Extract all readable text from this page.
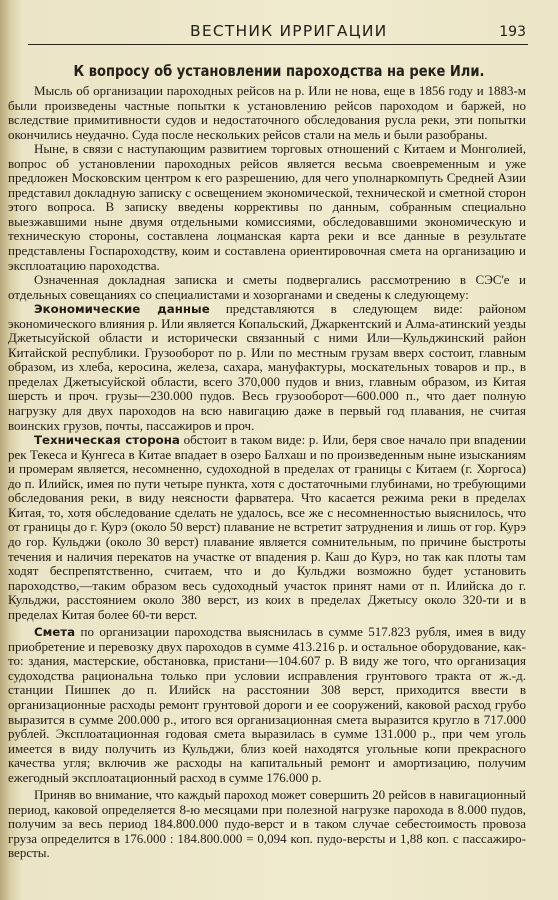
ВЕСТНИК ИРРИГАЦИИ	193
К вопросу об установлении пароходства на реке Или.

Мысль об организации пароходных рейсов на р. Или не нова, еще в 1856 году и 1883-м были произведены частные попытки к установлению рейсов пароходом и баржей, но вследствие примитивности судов и недостаточного обследования русла реки, эти попытки окончились неудачно. Суда после нескольких рейсов стали на мель и были разобраны.

Ныне, в связи с наступающим развитием торговых отношений с Китаем и Монголией, вопрос об установлении пароходных рейсов является весьма своевременным и уже предложен Московским центром к его разрешению, для чего уполнаркомпуть Средней Азии представил докладную записку с освещением экономической, технической и сметной сторон этого вопроса. В записку введены коррективы по данным, собранным специально выезжавшими ныне двумя отдельными комиссиями, обследовавшими экономическую и техническую стороны, составлена лоцманская карта реки и все данные в результате представлены Госпароходству, коим и составлена ориентировочная смета на организацию и эксплоатацию пароходства.

Означенная докладная записка и сметы подвергались рассмотрению в СЭС'е и отдельных совещаниях со специалистами и хозорганами и сведены к следующему:

Экономические данные представляются в следующем виде: районом экономического влияния р. Или является Копальский, Джаркентский и Алма-атинский уезды Джетысуйской области и исторически связанный с ними Или—Кульджинский район Китайской республики. Грузооборот по р. Или по местным грузам вверх состоит, главным образом, из хлеба, керосина, железа, сахара, мануфактуры, москательных товаров и пр., в пределах Джетысуйской области, всего 370,000 пудов и вниз, главным образом, из Китая шерсть и проч. грузы—230.000 пудов. Весь грузооборот—600.000 п., что дает полную нагрузку для двух пароходов на всю навигацию даже в первый год плавания, не считая воинских грузов, почты, пассажиров и проч.

Техническая сторона обстоит в таком виде: р. Или, беря свое начало при впадении рек Текеса и Кунгеса в Китае впадает в озеро Балхаш и по произведенным ныне изысканиям и промерам является, несомненно, судоходной в пределах от границы с Китаем (г. Хоргоса) до п. Илийск, имея по пути четыре пункта, хотя с достаточными глубинами, но требующими обследования реки, в виду неясности фарватера. Что касается режима реки в пределах Китая, то, хотя обследование сделать не удалось, все же с несомненностью выяснилось, что от границы до г. Курэ (около 50 верст) плавание не встретит затруднения и лишь от гор. Курэ до гор. Кульджи (около 30 верст) плавание является сомнительным, по причине быстроты течения и наличия перекатов на участке от впадения р. Каш до Курэ, но так как плоты там ходят беспрепятственно, считаем, что и до Кульджи возможно будет установить пароходство,—таким образом весь судоходный участок принят нами от п. Илийска до г. Кульджи, расстоянием около 380 верст, из коих в пределах Джетысу около 320-ти и в пределах Китая более 60-ти верст.

Смета по организации пароходства выяснилась в сумме 517.823 рубля, имея в виду приобретение и перевозку двух пароходов в сумме 413.216 р. и остальное оборудование, как-то: здания, мастерские, обстановка, пристани—104.607 р. В виду же того, что организация судоходства рациональна только при условии исправления грунтового тракта от ж.-д. станции Пишпек до п. Илийск на расстоянии 308 верст, приходится ввести в организационные расходы ремонт грунтовой дороги и ее сооружений, каковой расход грубо выразится в сумме 200.000 р., итого вся организационная смета выразится кругло в 717.000 рублей. Эксплоатационная годовая смета выразилась в сумме 131.000 р., при чем уголь имеется в виду получить из Кульджи, близ коей находятся угольные копи прекрасного качества угля; включив же расходы на капитальный ремонт и амортизацию, получим ежегодный эксплоатационный расход в сумме 176.000 р.

Приняв во внимание, что каждый пароход может совершить 20 рейсов в навигационный период, каковой определяется 8-ю месяцами при полезной нагрузке парохода в 8.000 пудов, получим за весь период 184.800.000 пудо-верст и в таком случае себестоимость провоза груза определится в 176.000 : 184.800.000 = 0,094 коп. пудо-версты и 1,88 коп. с пассажиро-версты.
